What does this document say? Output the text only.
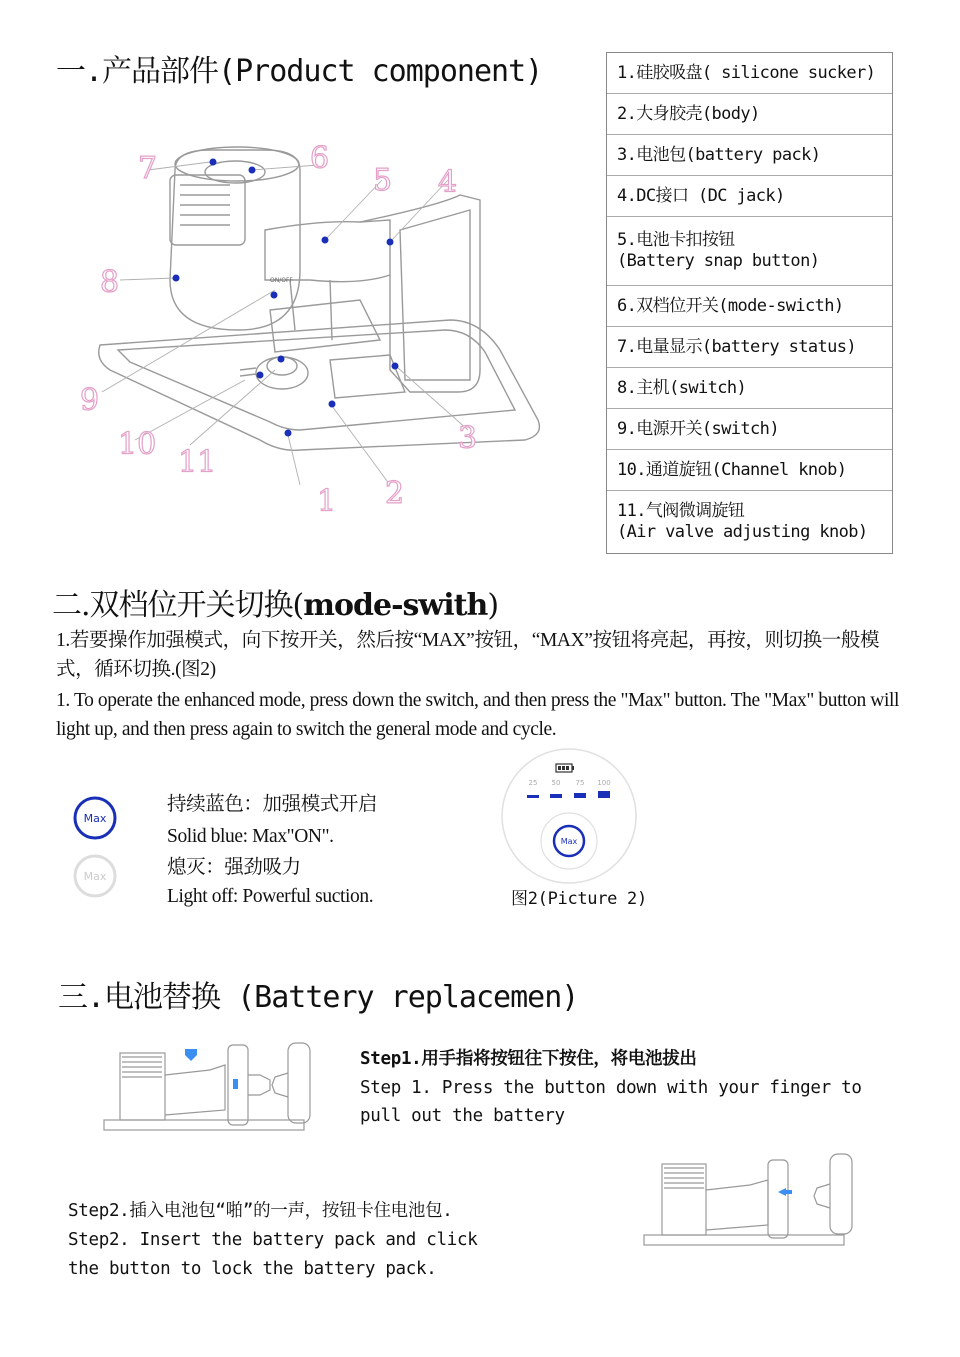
一.产品部件(Product component)
ON/OFF
7	6
5 4
8
9
10
11
1 2
3
1.硅胶吸盘( silicone sucker)
2.大身胶壳(body)
3.电池包(battery pack)
4.DC接口 (DC jack)
5.电池卡扣按钮
(Battery snap button)
6.双档位开关(mode-swicth)
7.电量显示(battery status)
8.主机(switch)
9.电源开关(switch)
10.通道旋钮(Channel knob)
11.气阀微调旋钮
(Air valve adjusting knob)
二.双档位开关切换(mode-swith)
1.若要操作加强模式，向下按开关，然后按“MAX”按钮，“MAX”按钮将亮起，再按，则切换一般模式，循环切换.(图2)
1. To operate the enhanced mode, press down the switch, and then press the "Max" button. The "Max" button will light up, and then press again to switch the general mode and cycle.
Max
Max
持续蓝色：加强模式开启
Solid blue: Max"ON".
熄灭：强劲吸力
Light off: Powerful suction.
25 50 75 100
Max
图2(Picture 2)
三.电池替换 (Battery replacemen)
Step1.用手指将按钮往下按住，将电池拔出
Step 1. Press the button down with your finger to pull out the battery
Step2.插入电池包“啪”的一声，按钮卡住电池包.
Step2. Insert the battery pack and click the button to lock the battery pack.
